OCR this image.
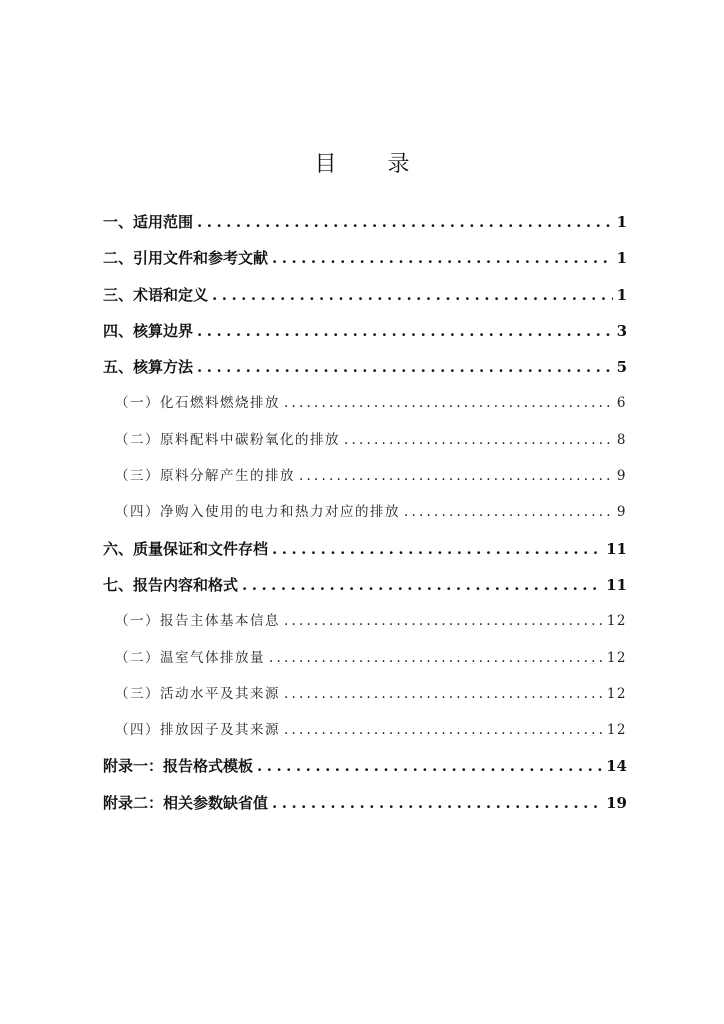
目 录
一、适用范围 .....	1
二、引用文件和参考文献 .....	1
三、术语和定义 .....	1
四、核算边界 .....	3
五、核算方法 .....	5
（一）化石燃料燃烧排放 .....	6
（二）原料配料中碳粉氧化的排放 .....	8
（三）原料分解产生的排放 .....	9
（四）净购入使用的电力和热力对应的排放 .....	9
六、质量保证和文件存档 .....	11
七、报告内容和格式 .....	11
（一）报告主体基本信息 .....	12
（二）温室气体排放量 .....	12
（三）活动水平及其来源 .....	12
（四）排放因子及其来源 .....	12
附录一：报告格式模板 .....	14
附录二：相关参数缺省值 .....	19
